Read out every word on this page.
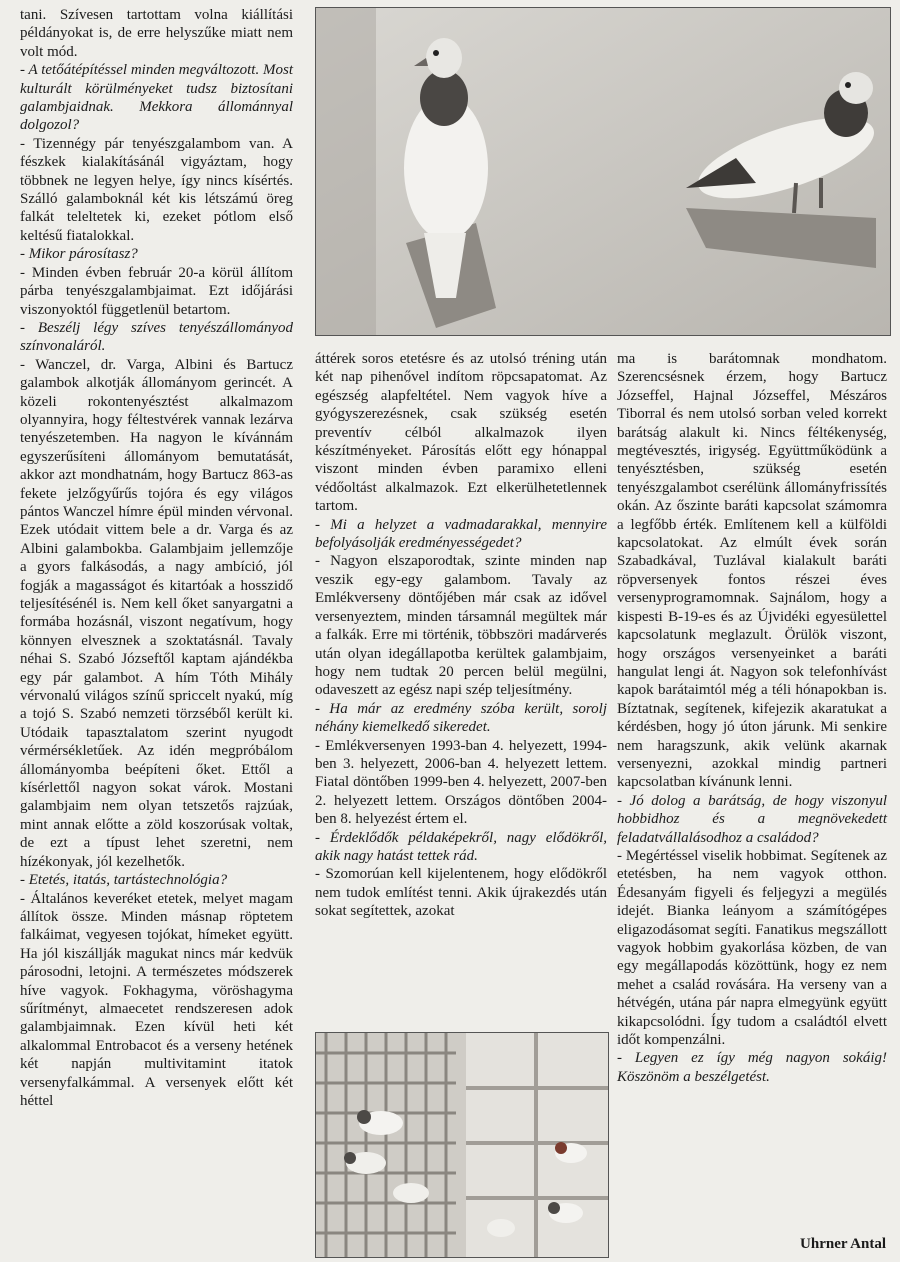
tani. Szívesen tartottam volna kiállítási példányokat is, de erre helyszűke miatt nem volt mód.

- A tetőátépítéssel minden megváltozott. Most kulturált körülményeket tudsz biztosítani galambjaidnak. Mekkora állománnyal dolgozol?

- Tizennégy pár tenyészgalambom van. A fészkek kialakításánál vigyáztam, hogy többnek ne legyen helye, így nincs kísértés. Szálló galamboknál két kis létszámú öreg falkát teleltetek ki, ezeket pótlom első keltésű fiatalokkal.

- Mikor párosítasz?

- Minden évben február 20-a körül állítom párba tenyészgalambjaimat. Ezt időjárási viszonyoktól függetlenül betartom.

- Beszélj légy szíves tenyészállományod színvonaláról.

- Wanczel, dr. Varga, Albini és Bartucz galambok alkotják állományom gerincét. A közeli rokontenyésztést alkalmazom olyannyira, hogy féltestvérek vannak lezárva tenyészetemben. Ha nagyon le kívánnám egyszerűsíteni állományom bemutatását, akkor azt mondhatnám, hogy Bartucz 863-as fekete jelzőgyűrűs tojóra és egy világos pántos Wanczel hímre épül minden vérvonal. Ezek utódait vittem bele a dr. Varga és az Albini galambokba. Galambjaim jellemzője a gyors falkásodás, a nagy ambíció, jól fogják a magasságot és kitartóak a hosszidő teljesítésénél is. Nem kell őket sanyargatni a formába hozásnál, viszont negatívum, hogy könnyen elvesznek a szoktatásnál. Tavaly néhai S. Szabó Józseftől kaptam ajándékba egy pár galambot. A hím Tóth Mihály vérvonalú világos színű spriccelt nyakú, míg a tojó S. Szabó nemzeti törzséből került ki. Utódaik tapasztalatom szerint nyugodt vérmérsékletűek. Az idén megpróbálom állományomba beépíteni őket. Ettől a kísérlettől nagyon sokat várok. Mostani galambjaim nem olyan tetszetős rajzúak, mint annak előtte a zöld koszorúsak voltak, de ezt a típust lehet szeretni, nem hízékonyak, jól kezelhetők.

- Etetés, itatás, tartástechnológia?

- Általános keveréket etetek, melyet magam állítok össze. Minden másnap röptetem falkáimat, vegyesen tojókat, hímeket együtt. Ha jól kiszállják magukat nincs már kedvük párosodni, letojni. A természetes módszerek híve vagyok. Fokhagyma, vöröshagyma sűrítményt, almaecetet rendszeresen adok galambjaimnak. Ezen kívül heti két alkalommal Entrobacot és a verseny hetének két napján multivitamint itatok versenyfalkámmal. A versenyek előtt két héttel

áttérek soros etetésre és az utolsó tréning után két nap pihenővel indítom röpcsapatomat. Az egészség alapfeltétel. Nem vagyok híve a gyógyszerezésnek, csak szükség esetén preventív célból alkalmazok ilyen készítményeket. Párosítás előtt egy hónappal viszont minden évben paramixo elleni védőoltást alkalmazok. Ezt elkerülhetetlennek tartom.

- Mi a helyzet a vadmadarakkal, mennyire befolyásolják eredményességedet?

- Nagyon elszaporodtak, szinte minden nap veszik egy-egy galambom. Tavaly az Emlékverseny döntőjében már csak az idővel versenyeztem, minden társamnál megültek már a falkák. Erre mi történik, többszöri madárverés után olyan idegállapotba kerültek galambjaim, hogy nem tudtak 20 percen belül megülni, odaveszett az egész napi szép teljesítmény.

- Ha már az eredmény szóba került, sorolj néhány kiemelkedő sikeredet.

- Emlékversenyen 1993-ban 4. helyezett, 1994-ben 3. helyezett, 2006-ban 4. helyezett lettem. Fiatal döntőben 1999-ben 4. helyezett, 2007-ben 2. helyezett lettem. Országos döntőben 2004-ben 8. helyezést értem el.

- Érdeklődők példaképekről, nagy elődökről, akik nagy hatást tettek rád.

- Szomorúan kell kijelentenem, hogy elődökről nem tudok említést tenni. Akik újrakezdés után sokat segítettek, azokat

ma is barátomnak mondhatom. Szerencsésnek érzem, hogy Bartucz Józseffel, Hajnal Józseffel, Mészáros Tiborral és nem utolsó sorban veled korrekt barátság alakult ki. Nincs féltékenység, megtévesztés, irigység. Együttműködünk a tenyésztésben, szükség esetén tenyészgalambot cserélünk állományfrissítés okán. Az őszinte baráti kapcsolat számomra a legfőbb érték. Említenem kell a külföldi kapcsolatokat. Az elmúlt évek során Szabadkával, Tuzlával kialakult baráti röpversenyek fontos részei éves versenyprogramomnak. Sajnálom, hogy a kispesti B-19-es és az Újvidéki egyesülettel kapcsolatunk meglazult. Örülök viszont, hogy országos versenyeinket a baráti hangulat lengi át. Nagyon sok telefonhívást kapok barátaimtól még a téli hónapokban is. Bíztatnak, segítenek, kifejezik akaratukat a kérdésben, hogy jó úton járunk. Mi senkire nem haragszunk, akik velünk akarnak versenyezni, azokkal mindig partneri kapcsolatban kívánunk lenni.

- Jó dolog a barátság, de hogy viszonyul hobbidhoz és a megnövekedett feladatvállalásodhoz a családod?

- Megértéssel viselik hobbimat. Segítenek az etetésben, ha nem vagyok otthon. Édesanyám figyeli és feljegyzi a megülés idejét. Bianka leányom a számítógépes eligazodásomat segíti. Fanatikus megszállott vagyok hobbim gyakorlása közben, de van egy megállapodás közöttünk, hogy ez nem mehet a család rovására. Ha verseny van a hétvégén, utána pár napra elmegyünk együtt kikapcsolódni. Így tudom a családtól elvett időt kompenzálni.

- Legyen ez így még nagyon sokáig! Köszönöm a beszélgetést.

Uhrner Antal
